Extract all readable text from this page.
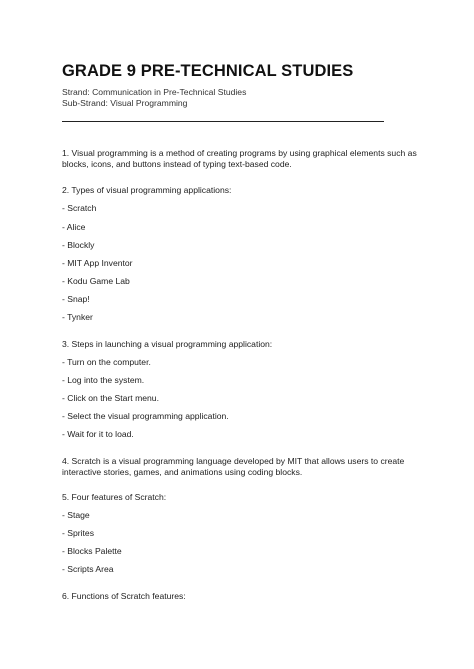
GRADE 9 PRE-TECHNICAL STUDIES
Strand: Communication in Pre-Technical Studies
Sub-Strand: Visual Programming
1. Visual programming is a method of creating programs by using graphical elements such as
blocks, icons, and buttons instead of typing text-based code.
2. Types of visual programming applications:
- Scratch
- Alice
- Blockly
- MIT App Inventor
- Kodu Game Lab
- Snap!
- Tynker
3. Steps in launching a visual programming application:
- Turn on the computer.
- Log into the system.
- Click on the Start menu.
- Select the visual programming application.
- Wait for it to load.
4. Scratch is a visual programming language developed by MIT that allows users to create
interactive stories, games, and animations using coding blocks.
5. Four features of Scratch:
- Stage
- Sprites
- Blocks Palette
- Scripts Area
6. Functions of Scratch features:
